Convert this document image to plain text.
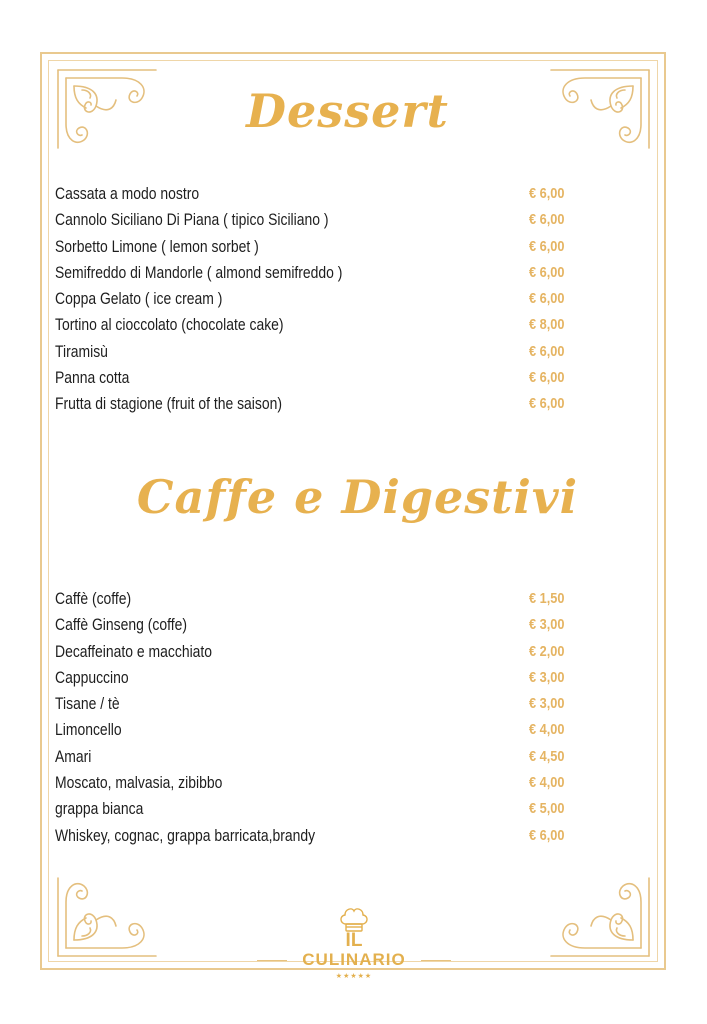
Dessert
Cassata a modo nostro	€ 6,00
Cannolo Siciliano Di Piana ( tipico Siciliano )	€ 6,00
Sorbetto Limone ( lemon sorbet )	€ 6,00
Semifreddo di Mandorle ( almond semifreddo )	€ 6,00
Coppa Gelato ( ice cream )	€ 6,00
Tortino al cioccolato (chocolate cake)	€ 8,00
Tiramisù	€ 6,00
Panna cotta	€ 6,00
Frutta di stagione (fruit of the saison)	€ 6,00
Caffe e Digestivi
Caffè (coffe)	€ 1,50
Caffè Ginseng (coffe)	€ 3,00
Decaffeinato e macchiato	€ 2,00
Cappuccino	€ 3,00
Tisane / tè	€ 3,00
Limoncello	€ 4,00
Amari	€ 4,50
Moscato, malvasia, zibibbo	€ 4,00
grappa bianca	€ 5,00
Whiskey, cognac, grappa barricata,brandy	€ 6,00
IL
CULINARIO
★★★★★
